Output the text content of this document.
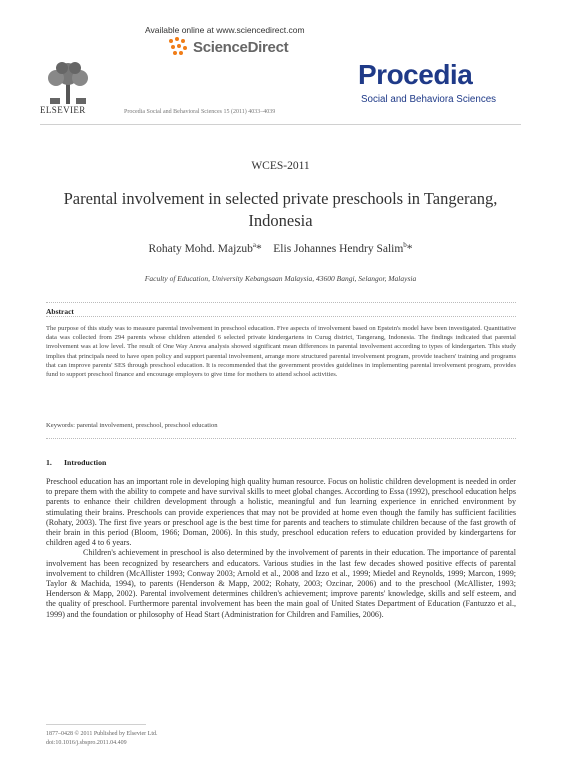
Available online at www.sciencedirect.com
ScienceDirect
ELSEVIER	Procedia Social and Behavioral Sciences 15 (2011) 4033–4039
Procedia
Social and Behaviora Sciences
WCES-2011
Parental involvement in selected private preschools in Tangerang,
Indonesia
Rohaty Mohd. Majzub$^a$* Elis Johannes Hendry Salim$^b$*
Faculty of Education, University Kebangsaan Malaysia, 43600 Bangi, Selangor, Malaysia
Abstract
The purpose of this study was to measure parental involvement in preschool education. Five aspects of involvement based on Epstein's model have been investigated. Quantitative data was collected from 294 parents whose children attended 6 selected private kindergartens in Curug district, Tangerang, Indonesia. The findings indicated that parental involvement was at low level. The result of One Way Anova analysis showed significant mean differences in parental involvement according to types of kindergarten. This study implies that principals need to have open policy and support parental involvement, arrange more structured parental involvement program, provide teachers' training and programs that can improve parents' SES through preschool education. It is recommended that the government provides guidelines in implementing parental involvement program, provides fund to support preschool finance and encourage employers to give time for mothers to attend school activities.
Keywords: parental involvement, preschool, preschool education
1. Introduction

Preschool education has an important role in developing high quality human resource. Focus on holistic children development is needed in order to prepare them with the ability to compete and have survival skills to meet global changes. According to Essa (1992), preschool education helps parents to enhance their children development through a holistic, meaningful and fun learning experience in enriched environment by stimulating their brains. Preschools can provide experiences that may not be provided at home even though the family has sufficient facilities (Rohaty, 2003). The first five years or preschool age is the best time for parents and teachers to stimulate children because of the fast growth of their brain in this period (Bloom, 1966; Doman, 2006). In this study, preschool education refers to education provided by kindergartens for children aged 4 to 6 years.

Children's achievement in preschool is also determined by the involvement of parents in their education. The importance of parental involvement has been recognized by researchers and educators. Various studies in the last few decades showed positive effects of parental involvement to children (McAllister 1993; Conway 2003; Arnold et al., 2008 and Izzo et al., 1999; Miedel and Reynolds, 1999; Marcon, 1999; Taylor & Machida, 1994), to parents (Henderson & Mapp, 2002; Rohaty, 2003; Ozcinar, 2006) and to the preschool (McAllister, 1993; Henderson & Mapp, 2002). Parental involvement determines children's achievement; improve parents' knowledge, skills and self esteem, and the quality of preschool. Furthermore parental involvement has been the main goal of United States Department of Education (Fantuzzo et al., 1999) and the foundation or philosophy of Head Start (Administration for Children and Families, 2006).

1877–0428 © 2011 Published by Elsevier Ltd.
doi:10.1016/j.sbspro.2011.04.409
